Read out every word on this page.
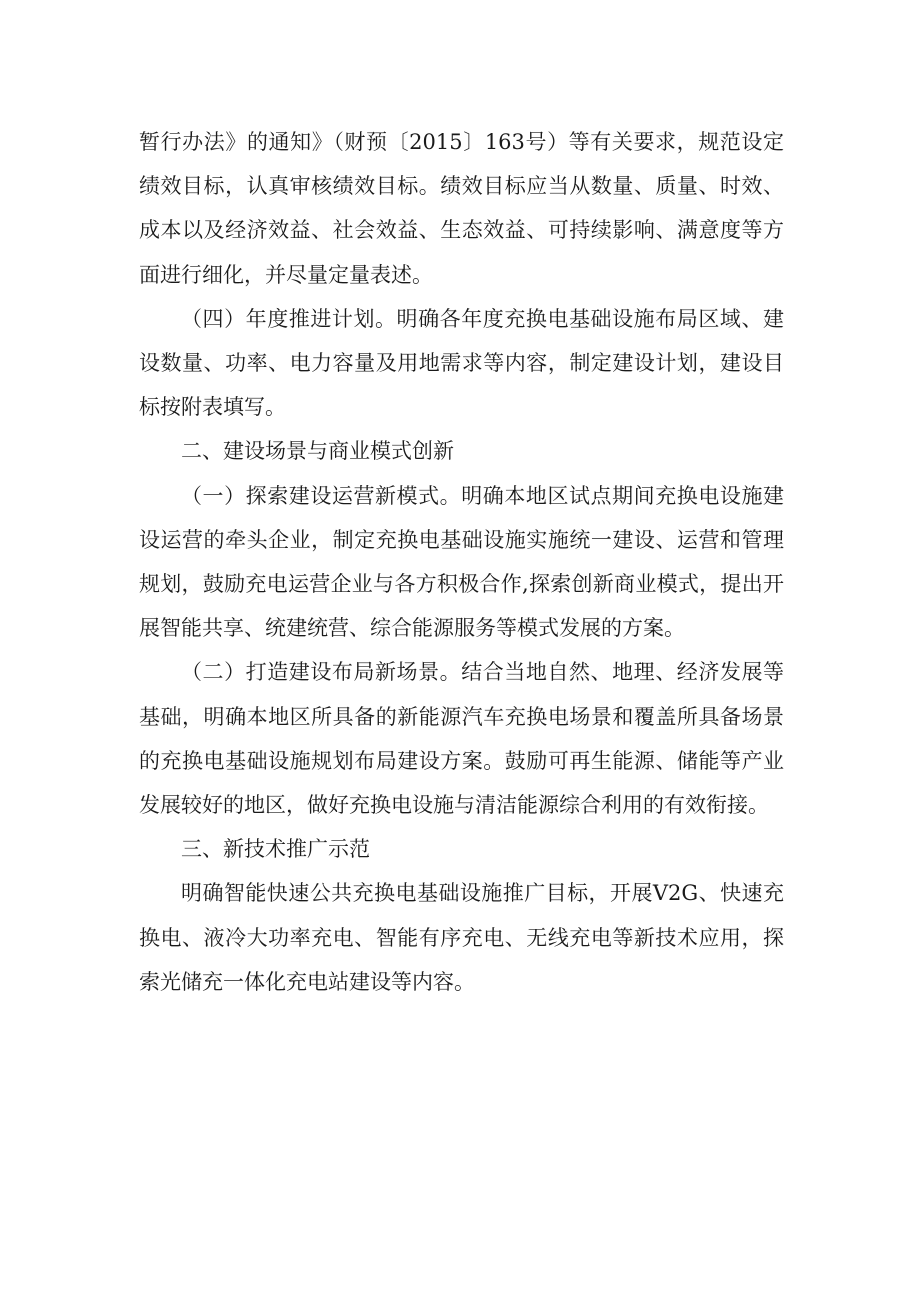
暂行办法》的通知》（财预〔2015〕163号）等有关要求，规范设定绩效目标，认真审核绩效目标。绩效目标应当从数量、质量、时效、成本以及经济效益、社会效益、生态效益、可持续影响、满意度等方面进行细化，并尽量定量表述。

（四）年度推进计划。明确各年度充换电基础设施布局区域、建设数量、功率、电力容量及用地需求等内容，制定建设计划，建设目标按附表填写。

二、建设场景与商业模式创新

（一）探索建设运营新模式。明确本地区试点期间充换电设施建设运营的牵头企业，制定充换电基础设施实施统一建设、运营和管理规划，鼓励充电运营企业与各方积极合作,探索创新商业模式，提出开展智能共享、统建统营、综合能源服务等模式发展的方案。

（二）打造建设布局新场景。结合当地自然、地理、经济发展等基础，明确本地区所具备的新能源汽车充换电场景和覆盖所具备场景的充换电基础设施规划布局建设方案。鼓励可再生能源、储能等产业发展较好的地区，做好充换电设施与清洁能源综合利用的有效衔接。

三、新技术推广示范

明确智能快速公共充换电基础设施推广目标，开展V2G、快速充换电、液冷大功率充电、智能有序充电、无线充电等新技术应用，探索光储充一体化充电站建设等内容。
